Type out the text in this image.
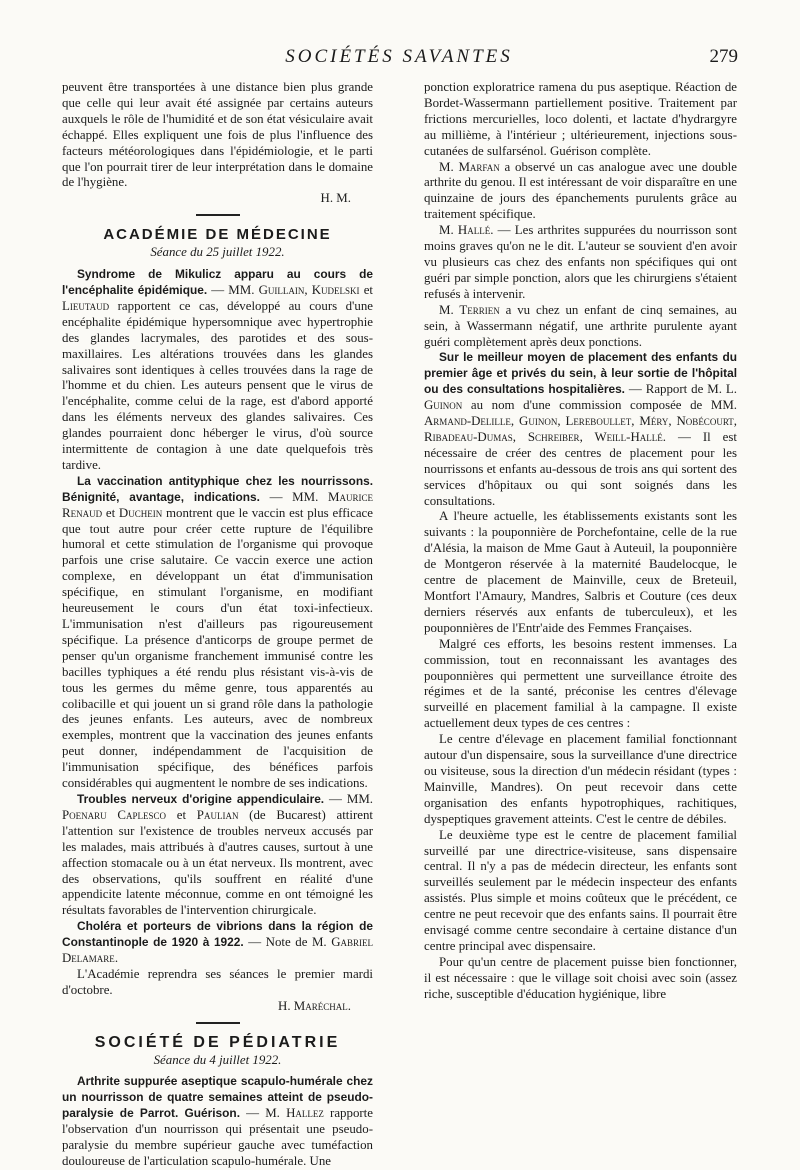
SOCIÉTÉS SAVANTES	279

peuvent être transportées à une distance bien plus grande que celle qui leur avait été assignée par certains auteurs auxquels le rôle de l'humidité et de son état vésiculaire avait échappé. Elles expliquent une fois de plus l'influence des facteurs météorologiques dans l'épidémiologie, et le parti que l'on pourrait tirer de leur interprétation dans le domaine de l'hygiène.

H. M.
ACADÉMIE DE MÉDECINE
Séance du 25 juillet 1922.

Syndrome de Mikulicz apparu au cours de l'encéphalite épidémique. — MM. Guillain, Kudelski et Lieutaud rapportent ce cas, développé au cours d'une encéphalite épidémique hypersomnique avec hypertrophie des glandes lacrymales, des parotides et des sous-maxillaires. Les altérations trouvées dans les glandes salivaires sont identiques à celles trouvées dans la rage de l'homme et du chien. Les auteurs pensent que le virus de l'encéphalite, comme celui de la rage, est d'abord apporté dans les éléments nerveux des glandes salivaires. Ces glandes pourraient donc héberger le virus, d'où source intermittente de contagion à une date quelquefois très tardive.

La vaccination antityphique chez les nourrissons. Bénignité, avantage, indications. — MM. Maurice Renaud et Duchein montrent que le vaccin est plus efficace que tout autre pour créer cette rupture de l'équilibre humoral et cette stimulation de l'organisme qui provoque parfois une crise salutaire. Ce vaccin exerce une action complexe, en développant un état d'immunisation spécifique, en stimulant l'organisme, en modifiant heureusement le cours d'un état toxi-infectieux. L'immunisation n'est d'ailleurs pas rigoureusement spécifique. La présence d'anticorps de groupe permet de penser qu'un organisme franchement immunisé contre les bacilles typhiques a été rendu plus résistant vis-à-vis de tous les germes du même genre, tous apparentés au colibacille et qui jouent un si grand rôle dans la pathologie des jeunes enfants. Les auteurs, avec de nombreux exemples, montrent que la vaccination des jeunes enfants peut donner, indépendamment de l'acquisition de l'immunisation spécifique, des bénéfices parfois considérables qui augmentent le nombre de ses indications.

Troubles nerveux d'origine appendiculaire. — MM. Poenaru Caplesco et Paulian (de Bucarest) attirent l'attention sur l'existence de troubles nerveux accusés par les malades, mais attribués à d'autres causes, surtout à une affection stomacale ou à un état nerveux. Ils montrent, avec des observations, qu'ils souffrent en réalité d'une appendicite latente méconnue, comme en ont témoigné les résultats favorables de l'intervention chirurgicale.

Choléra et porteurs de vibrions dans la région de Constantinople de 1920 à 1922. — Note de M. Gabriel Delamare.

L'Académie reprendra ses séances le premier mardi d'octobre.

H. Maréchal.
SOCIÉTÉ DE PÉDIATRIE
Séance du 4 juillet 1922.

Arthrite suppurée aseptique scapulo-humérale chez un nourrisson de quatre semaines atteint de pseudo-paralysie de Parrot. Guérison. — M. Hallez rapporte l'observation d'un nourrisson qui présentait une pseudo-paralysie du membre supérieur gauche avec tuméfaction douloureuse de l'articulation scapulo-humérale. Une

ponction exploratrice ramena du pus aseptique. Réaction de Bordet-Wassermann partiellement positive. Traitement par frictions mercurielles, loco dolenti, et lactate d'hydrargyre au millième, à l'intérieur ; ultérieurement, injections sous-cutanées de sulfarsénol. Guérison complète.

M. Marfan a observé un cas analogue avec une double arthrite du genou. Il est intéressant de voir disparaître en une quinzaine de jours des épanchements purulents grâce au traitement spécifique.

M. Hallé. — Les arthrites suppurées du nourrisson sont moins graves qu'on ne le dit. L'auteur se souvient d'en avoir vu plusieurs cas chez des enfants non spécifiques qui ont guéri par simple ponction, alors que les chirurgiens s'étaient refusés à intervenir.

M. Terrien a vu chez un enfant de cinq semaines, au sein, à Wassermann négatif, une arthrite purulente ayant guéri complètement après deux ponctions.

Sur le meilleur moyen de placement des enfants du premier âge et privés du sein, à leur sortie de l'hôpital ou des consultations hospitalières. — Rapport de M. L. Guinon au nom d'une commission composée de MM. Armand-Delille, Guinon, Lereboullet, Méry, Nobécourt, Ribadeau-Dumas, Schreiber, Weill-Hallé. — Il est nécessaire de créer des centres de placement pour les nourrissons et enfants au-dessous de trois ans qui sortent des services d'hôpitaux ou qui sont soignés dans les consultations.

A l'heure actuelle, les établissements existants sont les suivants : la pouponnière de Porchefontaine, celle de la rue d'Alésia, la maison de Mme Gaut à Auteuil, la pouponnière de Montgeron réservée à la maternité Baudelocque, le centre de placement de Mainville, ceux de Breteuil, Montfort l'Amaury, Mandres, Salbris et Couture (ces deux derniers réservés aux enfants de tuberculeux), et les pouponnières de l'Entr'aide des Femmes Françaises.

Malgré ces efforts, les besoins restent immenses. La commission, tout en reconnaissant les avantages des pouponnières qui permettent une surveillance étroite des régimes et de la santé, préconise les centres d'élevage surveillé en placement familial à la campagne. Il existe actuellement deux types de ces centres :

Le centre d'élevage en placement familial fonctionnant autour d'un dispensaire, sous la surveillance d'une directrice ou visiteuse, sous la direction d'un médecin résidant (types : Mainville, Mandres). On peut recevoir dans cette organisation des enfants hypotrophiques, rachitiques, dyspeptiques gravement atteints. C'est le centre de débiles.

Le deuxième type est le centre de placement familial surveillé par une directrice-visiteuse, sans dispensaire central. Il n'y a pas de médecin directeur, les enfants sont surveillés seulement par le médecin inspecteur des enfants assistés. Plus simple et moins coûteux que le précédent, ce centre ne peut recevoir que des enfants sains. Il pourrait être envisagé comme centre secondaire à certaine distance d'un centre principal avec dispensaire.

Pour qu'un centre de placement puisse bien fonctionner, il est nécessaire : que le village soit choisi avec soin (assez riche, susceptible d'éducation hygiénique, libre
